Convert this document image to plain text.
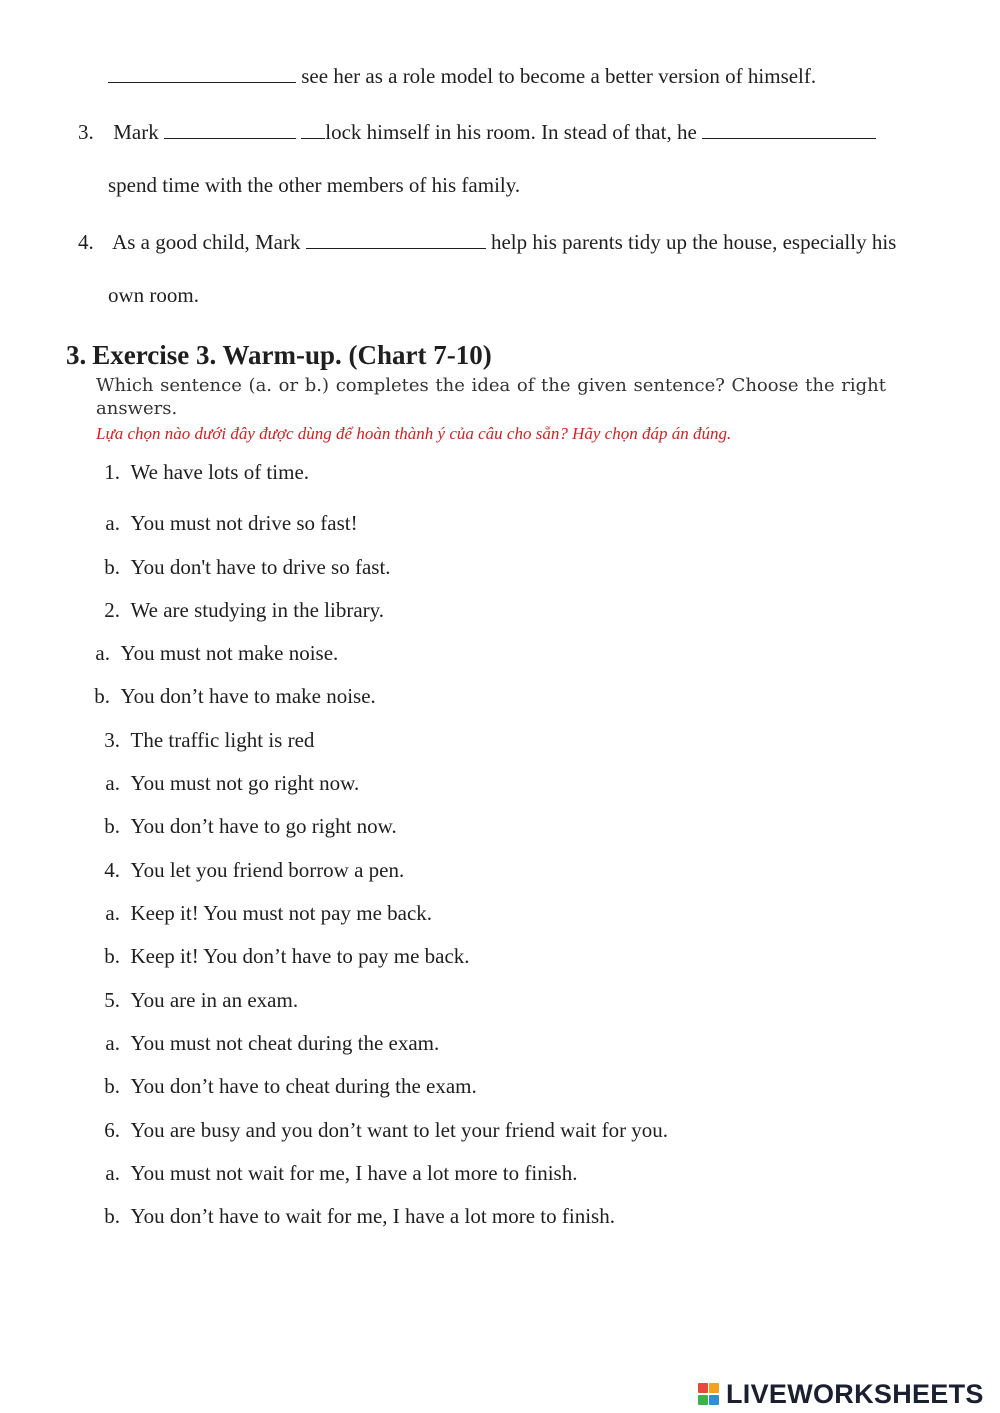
see her as a role model to become a better version of himself.
3. Mark	lock himself in his room. In stead of that, he
spend time with the other members of his family.
4. As a good child, Mark	help his parents tidy up the house, especially his
own room.
3. Exercise 3. Warm-up. (Chart 7-10)
Which sentence (a. or b.) completes the idea of the given sentence? Choose the right answers.
Lựa chọn nào dưới đây được dùng để hoàn thành ý của câu cho sẵn? Hãy chọn đáp án đúng.
1. We have lots of time.
a. You must not drive so fast!
b. You don't have to drive so fast.
2. We are studying in the library.
a. You must not make noise.
b. You don’t have to make noise.
3. The traffic light is red
a. You must not go right now.
b. You don’t have to go right now.
4. You let you friend borrow a pen.
a. Keep it! You must not pay me back.
b. Keep it! You don’t have to pay me back.
5. You are in an exam.
a. You must not cheat during the exam.
b. You don’t have to cheat during the exam.
6. You are busy and you don’t want to let your friend wait for you.
a. You must not wait for me, I have a lot more to finish.
b. You don’t have to wait for me, I have a lot more to finish.
LIVEWORKSHEETS
